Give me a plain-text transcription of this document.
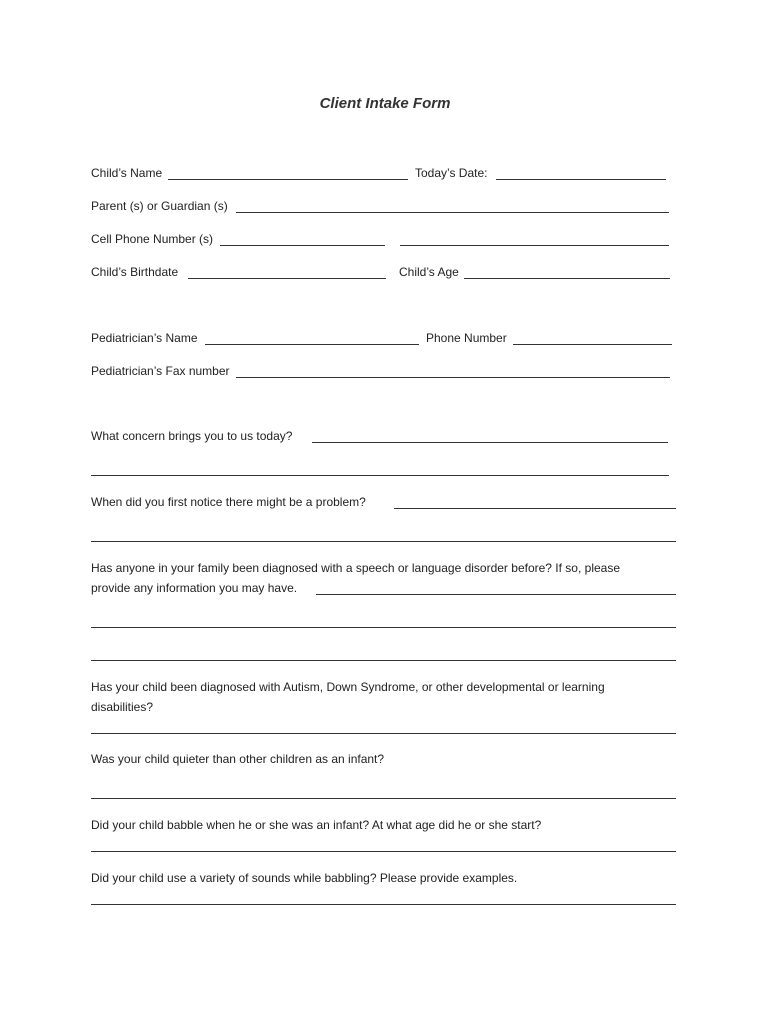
Client Intake Form
Child’s Name	Today’s Date:
Parent (s) or Guardian (s)
Cell Phone Number (s)
Child’s Birthdate	Child’s Age
Pediatrician’s Name	Phone Number
Pediatrician’s Fax number
What concern brings you to us today?
When did you first notice there might be a problem?
Has anyone in your family been diagnosed with a speech or language disorder before? If so, please
provide any information you may have.
Has your child been diagnosed with Autism, Down Syndrome, or other developmental or learning
disabilities?
Was your child quieter than other children as an infant?
Did your child babble when he or she was an infant? At what age did he or she start?
Did your child use a variety of sounds while babbling? Please provide examples.
